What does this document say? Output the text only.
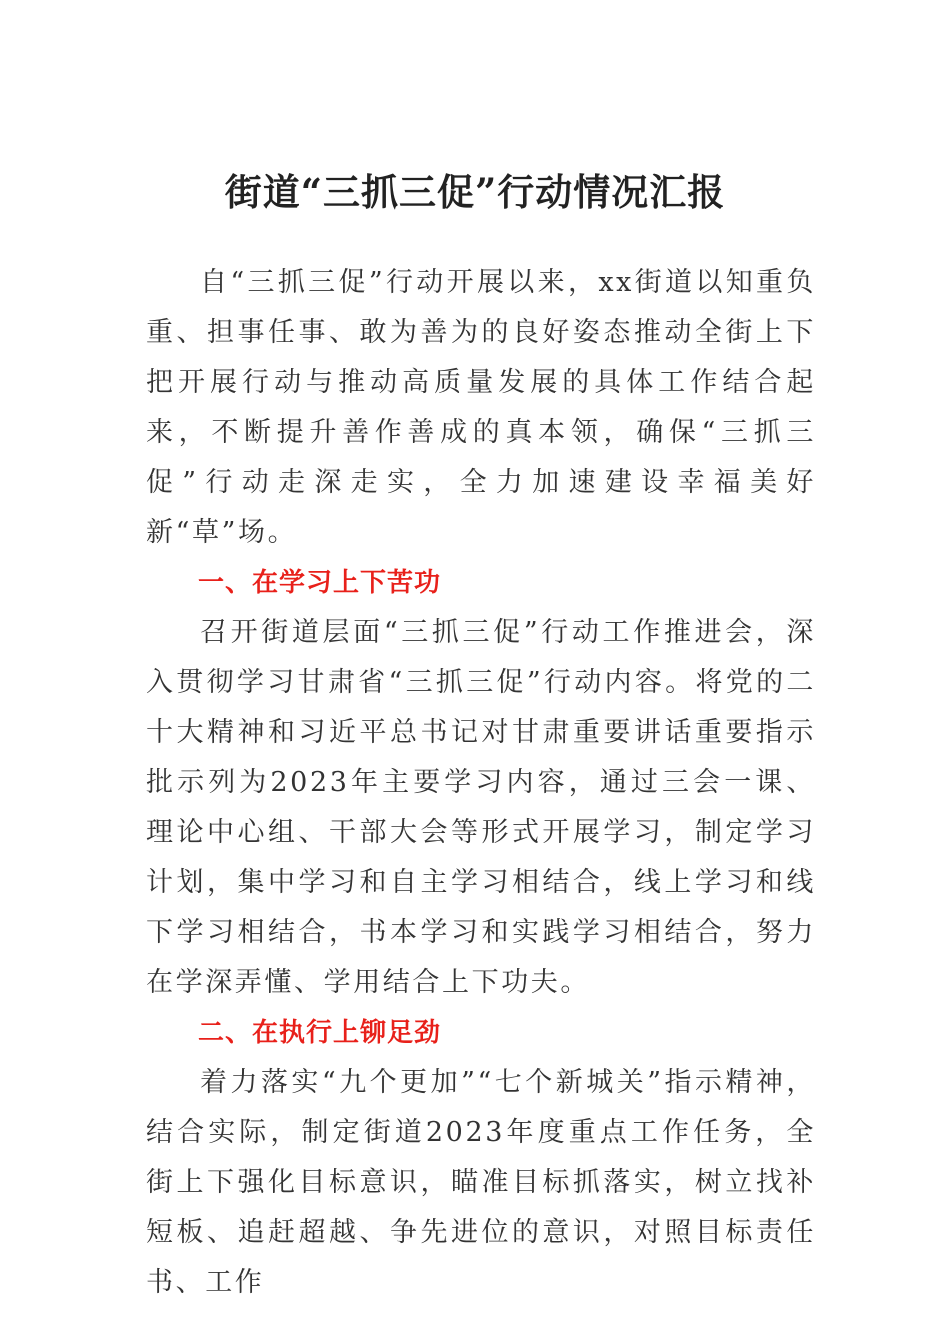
街道“三抓三促”行动情况汇报

自“三抓三促”行动开展以来，xx街道以知重负重、担事任事、敢为善为的良好姿态推动全街上下把开展行动与推动高质量发展的具体工作结合起来，不断提升善作善成的真本领，确保“三抓三促”行动走深走实，全力加速建设幸福美好新“草”场。

一、在学习上下苦功

召开街道层面“三抓三促”行动工作推进会，深入贯彻学习甘肃省“三抓三促”行动内容。将党的二十大精神和习近平总书记对甘肃重要讲话重要指示批示列为2023年主要学习内容，通过三会一课、理论中心组、干部大会等形式开展学习，制定学习计划，集中学习和自主学习相结合，线上学习和线下学习相结合，书本学习和实践学习相结合，努力在学深弄懂、学用结合上下功夫。

二、在执行上铆足劲

着力落实“九个更加”“七个新城关”指示精神，结合实际，制定街道2023年度重点工作任务，全街上下强化目标意识，瞄准目标抓落实，树立找补短板、追赶超越、争先进位的意识，对照目标责任书、工作
